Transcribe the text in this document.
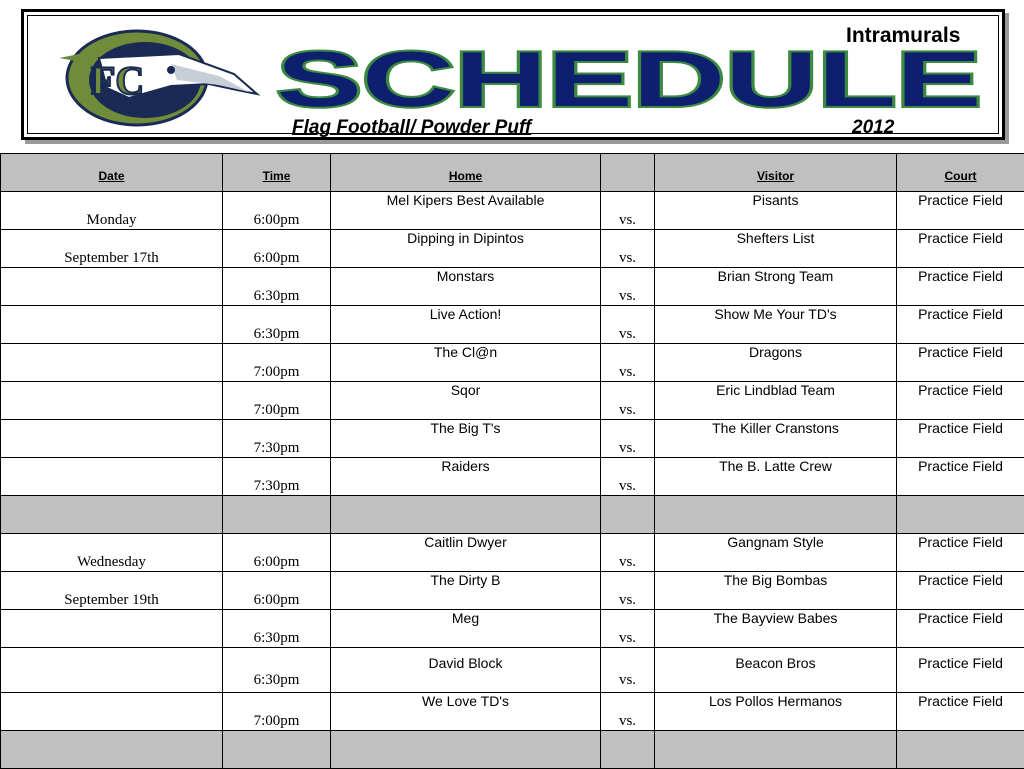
FC SCHEDULE
Intramurals
Flag Football/ Powder Puff	2012
Date	Time	Home		Visitor	Court
Monday	6:00pm	Mel Kipers Best Available	vs.	Pisants	Practice Field
September 17th	6:00pm	Dipping in Dipintos	vs.	Shefters List	Practice Field
	6:30pm	Monstars	vs.	Brian Strong Team	Practice Field
	6:30pm	Live Action!	vs.	Show Me Your TD's	Practice Field
	7:00pm	The Cl@n	vs.	Dragons	Practice Field
	7:00pm	Sqor	vs.	Eric Lindblad Team	Practice Field
	7:30pm	The Big T's	vs.	The Killer Cranstons	Practice Field
	7:30pm	Raiders	vs.	The B. Latte Crew	Practice Field

Wednesday	6:00pm	Caitlin Dwyer	vs.	Gangnam Style	Practice Field
September 19th	6:00pm	The Dirty B	vs.	The Big Bombas	Practice Field
	6:30pm	Meg	vs.	The Bayview Babes	Practice Field
	6:30pm	David Block	vs.	Beacon Bros	Practice Field
	7:00pm	We Love TD's	vs.	Los Pollos Hermanos	Practice Field
